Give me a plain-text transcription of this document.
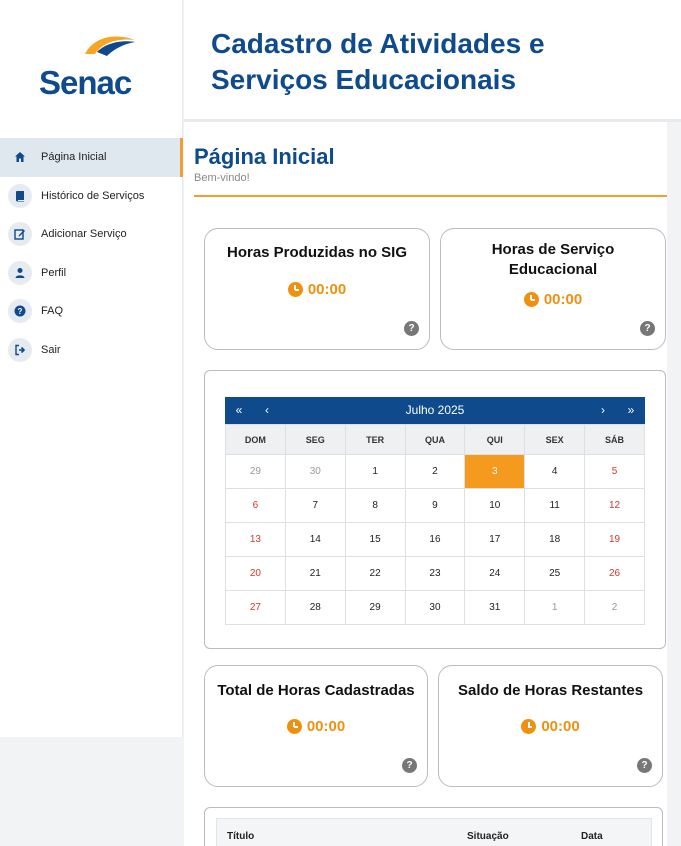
Senac
Página Inicial
Histórico de Serviços
Adicionar Serviço
Perfil
? FAQ
Sair
Cadastro de Atividades e Serviços Educacionais
Página Inicial
Bem-vindo!
Horas Produzidas no SIG
00:00
?
Horas de Serviço Educacional
00:00
?
«	‹	Julho 2025	›	»
DOM	SEG	TER	QUA	QUI	SEX	SÁB
29	30	1	2	3	4	5
6	7	8	9	10	11	12
13	14	15	16	17	18	19
20	21	22	23	24	25	26
27	28	29	30	31	1	2
Total de Horas Cadastradas
00:00
?
Saldo de Horas Restantes
00:00
?
Título	Situação	Data
